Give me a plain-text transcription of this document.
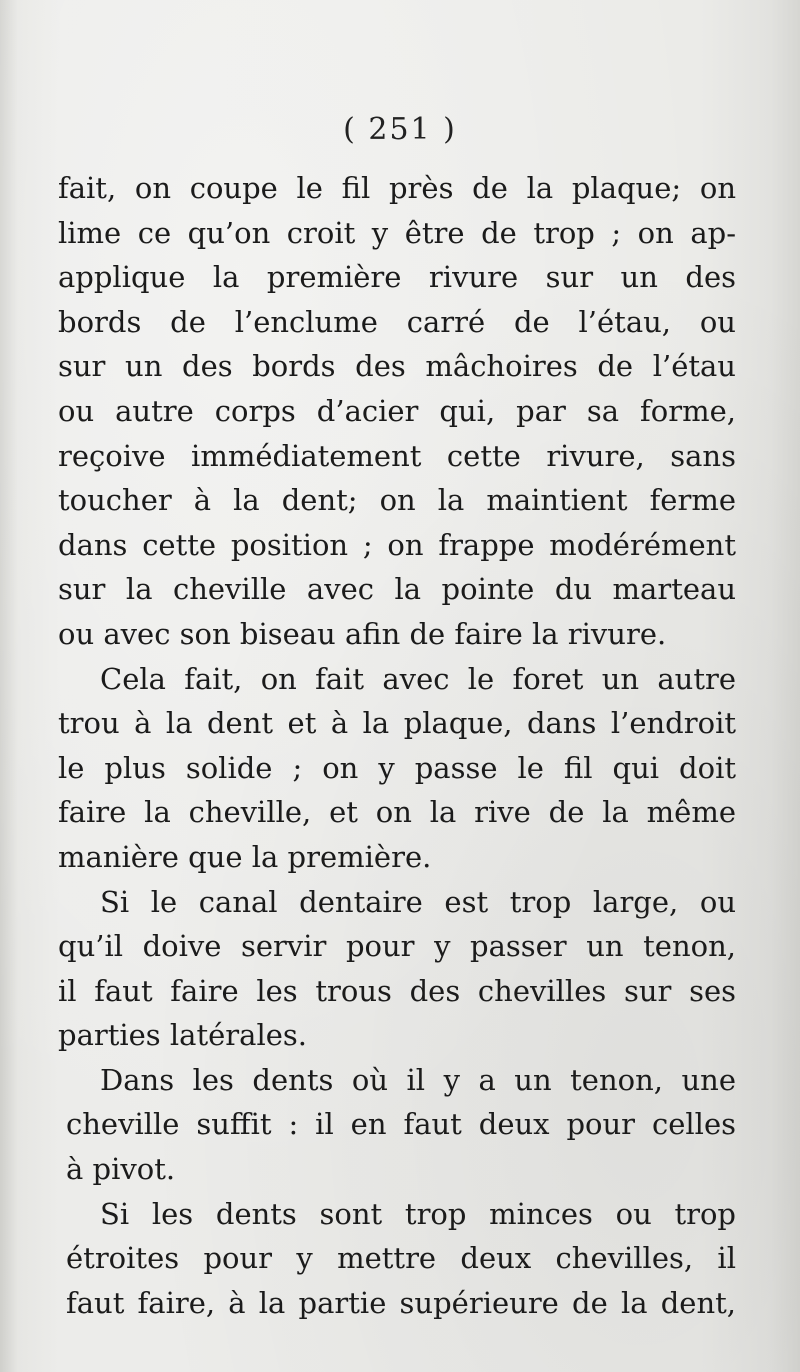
( 251 )
fait, on coupe le fil près de la plaque; on
lime ce qu’on croit y être de trop ; on ap-
applique la première rivure sur un des
bords de l’enclume carré de l’étau, ou
sur un des bords des mâchoires de l’étau
ou autre corps d’acier qui, par sa forme,
reçoive immédiatement cette rivure, sans
toucher à la dent; on la maintient ferme
dans cette position ; on frappe modérément
sur la cheville avec la pointe du marteau
ou avec son biseau afin de faire la rivure.
Cela fait, on fait avec le foret un autre
trou à la dent et à la plaque, dans l’endroit
le plus solide ; on y passe le fil qui doit
faire la cheville, et on la rive de la même
manière que la première.
Si le canal dentaire est trop large, ou
qu’il doive servir pour y passer un tenon,
il faut faire les trous des chevilles sur ses
parties latérales.
Dans les dents où il y a un tenon, une
cheville suffit : il en faut deux pour celles
à pivot.
Si les dents sont trop minces ou trop
étroites pour y mettre deux chevilles, il
faut faire, à la partie supérieure de la dent,
